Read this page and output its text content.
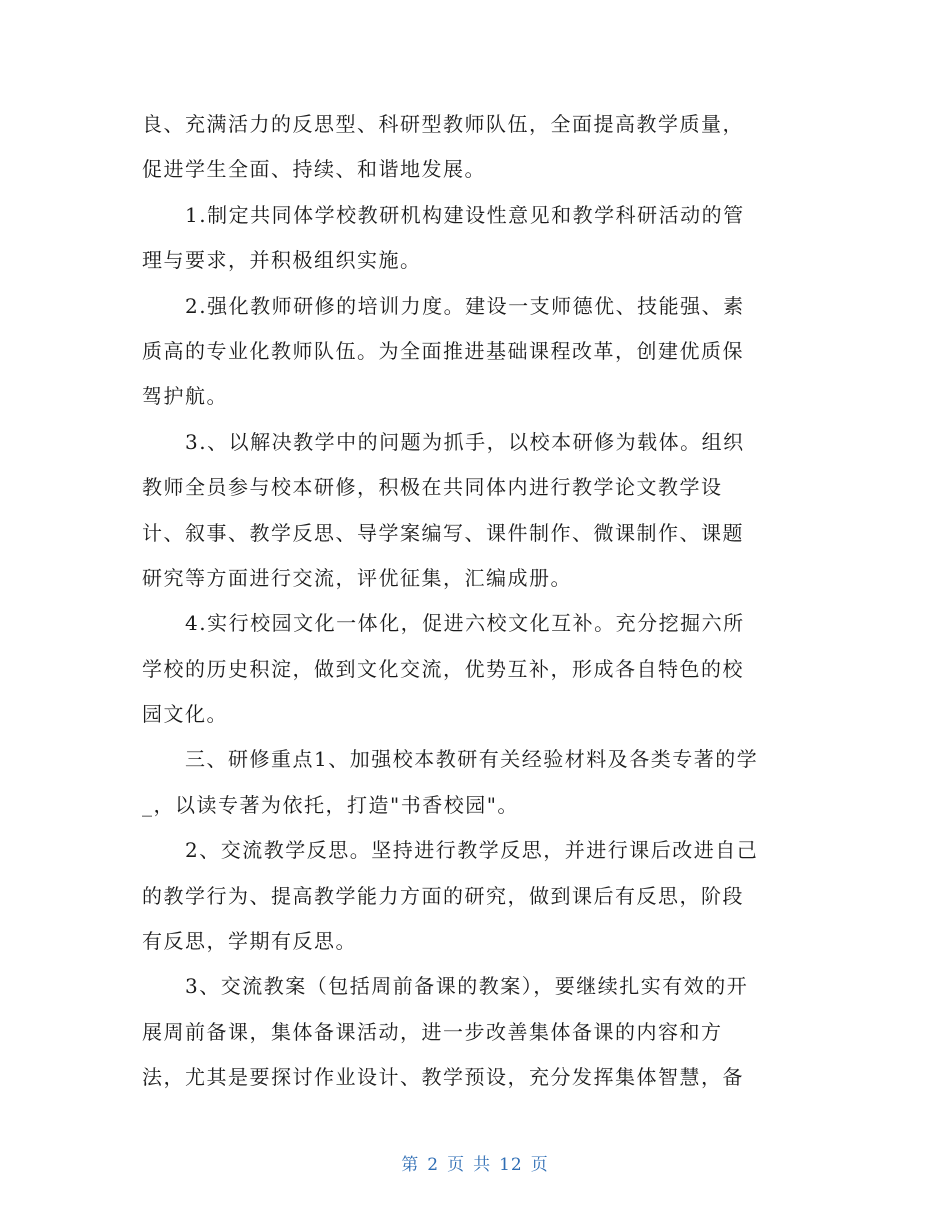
良、充满活力的反思型、科研型教师队伍，全面提高教学质量，
促进学生全面、持续、和谐地发展。
　　1.制定共同体学校教研机构建设性意见和教学科研活动的管
理与要求，并积极组织实施。
　　2.强化教师研修的培训力度。建设一支师德优、技能强、素
质高的专业化教师队伍。为全面推进基础课程改革，创建优质保
驾护航。
　　3.、以解决教学中的问题为抓手，以校本研修为载体。组织
教师全员参与校本研修，积极在共同体内进行教学论文教学设
计、叙事、教学反思、导学案编写、课件制作、微课制作、课题
研究等方面进行交流，评优征集，汇编成册。
　　4.实行校园文化一体化，促进六校文化互补。充分挖掘六所
学校的历史积淀，做到文化交流，优势互补，形成各自特色的校
园文化。
　　三、研修重点1、加强校本教研有关经验材料及各类专著的学
_，以读专著为依托，打造"书香校园"。
　　2、交流教学反思。坚持进行教学反思，并进行课后改进自己
的教学行为、提高教学能力方面的研究，做到课后有反思，阶段
有反思，学期有反思。
　　3、交流教案（包括周前备课的教案），要继续扎实有效的开
展周前备课，集体备课活动，进一步改善集体备课的内容和方
法，尤其是要探讨作业设计、教学预设，充分发挥集体智慧，备
第 2 页 共 12 页
